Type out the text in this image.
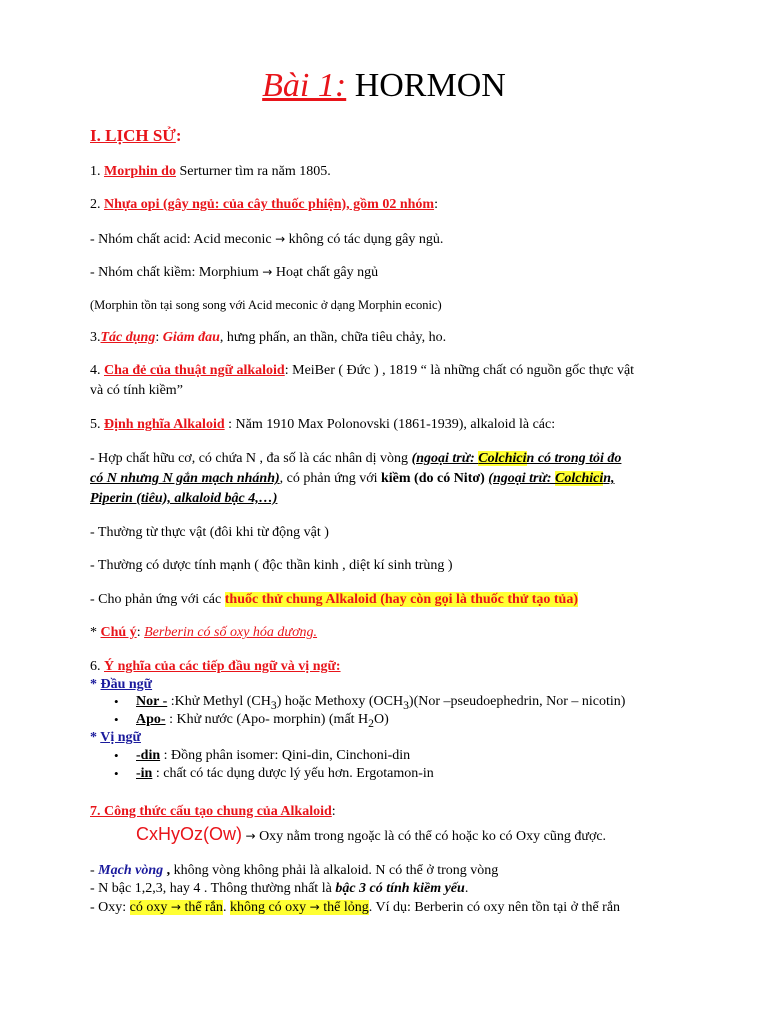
Bài 1: HORMON
I. LỊCH SỬ:
1. Morphin do Serturner tìm ra năm 1805.
2. Nhựa opi (gây ngủ: của cây thuốc phiện), gồm 02 nhóm:
- Nhóm chất acid: Acid meconic → không có tác dụng gây ngủ.
- Nhóm chất kiềm: Morphium → Hoạt chất gây ngủ
(Morphin tồn tại song song với Acid meconic ở dạng Morphin econic)
3.Tác dụng: Giảm đau, hưng phấn, an thần, chữa tiêu chảy, ho.
4. Cha đẻ của thuật ngữ alkaloid: MeiBer ( Đức ) , 1819 “ là những chất có nguồn gốc thực vật
và có tính kiềm”
5. Định nghĩa Alkaloid : Năm 1910 Max Polonovski (1861-1939), alkaloid là các:
- Hợp chất hữu cơ, có chứa N , đa số là các nhân dị vòng (ngoại trừ: Colchicin có trong tỏi đo
có N nhưng N gắn mạch nhánh), có phản ứng với kiềm (do có Nitơ) (ngoại trừ: Colchicin,
Piperin (tiêu), alkaloid bậc 4,…)
- Thường từ thực vật (đôi khi từ động vật )
- Thường có dược tính mạnh ( độc thần kinh , diệt kí sinh trùng )
- Cho phản ứng với các thuốc thử chung Alkaloid (hay còn gọi là thuốc thử tạo tủa)
* Chú ý: Berberin có số oxy hóa dương.
6. Ý nghĩa của các tiếp đầu ngữ và vị ngữ:
* Đầu ngữ
• Nor - :Khử Methyl $(CH_3)$ hoặc Methoxy $(OCH_3)(Nor$ –pseudoephedrin, Nor – nicotin)
• Apo- : Khử nước (Apo- morphin) (mất $H_2O$)
* Vị ngữ
• -din : Đồng phân isomer: Qini-din, Cinchoni-din
• -in : chất có tác dụng dược lý yếu hơn. Ergotamon-in
7. Công thức cấu tạo chung của Alkaloid:
CxHyOz(Ow) → Oxy nằm trong ngoặc là có thể có hoặc ko có Oxy cũng được.
- Mạch vòng , không vòng không phải là alkaloid. N có thể ở trong vòng
- N bậc 1,2,3, hay 4 . Thông thường nhất là bậc 3 có tính kiềm yếu.
- Oxy: có oxy → thể rắn. không có oxy → thể lỏng. Ví dụ: Berberin có oxy nên tồn tại ở thể rắn
